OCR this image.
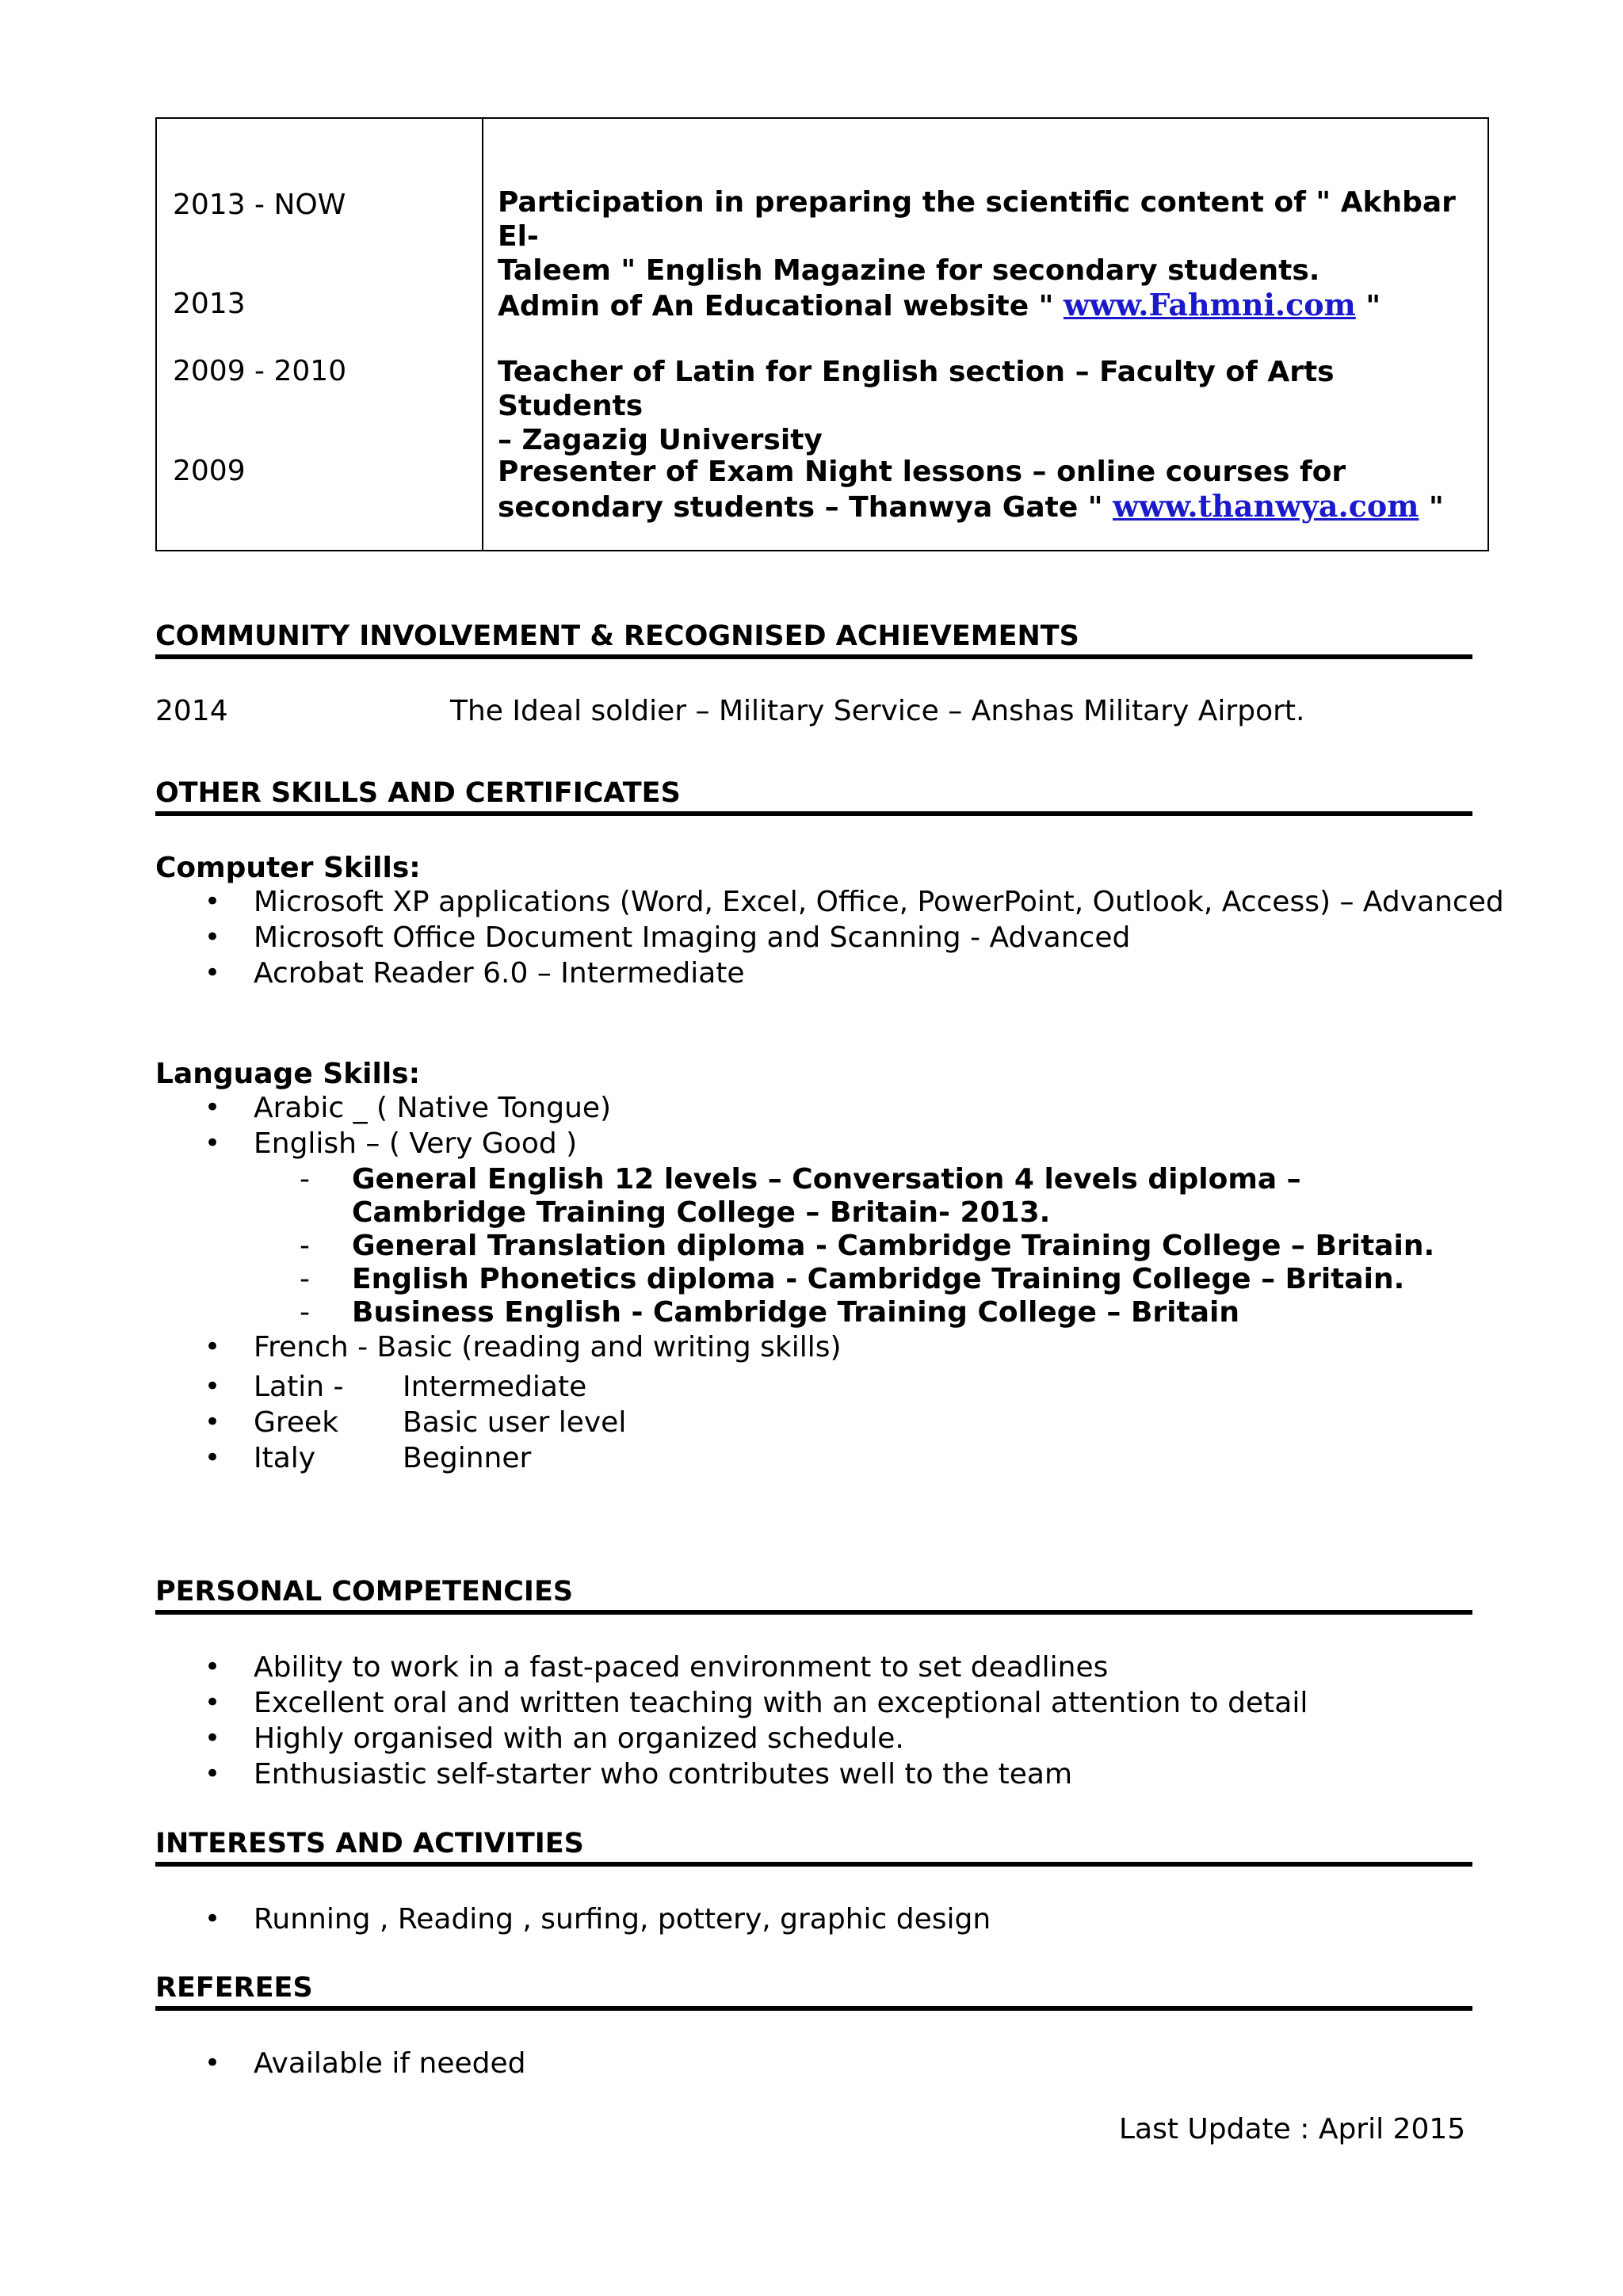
2013 - NOW	Participation in preparing the scientific content of " Akhbar El-
Taleem " English Magazine for secondary students.
2013	Admin of An Educational website " www.Fahmni.com "
2009 - 2010	Teacher of Latin for English section – Faculty of Arts Students
– Zagazig University
2009	Presenter of Exam Night lessons – online courses for
secondary students – Thanwya Gate " www.thanwya.com "
COMMUNITY INVOLVEMENT & RECOGNISED ACHIEVEMENTS
2014	The Ideal soldier – Military Service – Anshas Military Airport.
OTHER SKILLS AND CERTIFICATES
Computer Skills:
• Microsoft XP applications (Word, Excel, Office, PowerPoint, Outlook, Access) – Advanced
• Microsoft Office Document Imaging and Scanning - Advanced
• Acrobat Reader 6.0 – Intermediate
Language Skills:
• Arabic _ ( Native Tongue)
• English – ( Very Good )
- General English 12 levels – Conversation 4 levels diploma – Cambridge Training College – Britain- 2013.
- General Translation diploma - Cambridge Training College – Britain.
- English Phonetics diploma - Cambridge Training College – Britain.
- Business English - Cambridge Training College – Britain
• French - Basic (reading and writing skills)
• Latin - Intermediate
• Greek Basic user level
• Italy	Beginner
PERSONAL COMPETENCIES
• Ability to work in a fast-paced environment to set deadlines
• Excellent oral and written teaching with an exceptional attention to detail
• Highly organised with an organized schedule.
• Enthusiastic self-starter who contributes well to the team
INTERESTS AND ACTIVITIES
• Running , Reading , surfing, pottery, graphic design
REFEREES
• Available if needed
Last Update : April 2015
